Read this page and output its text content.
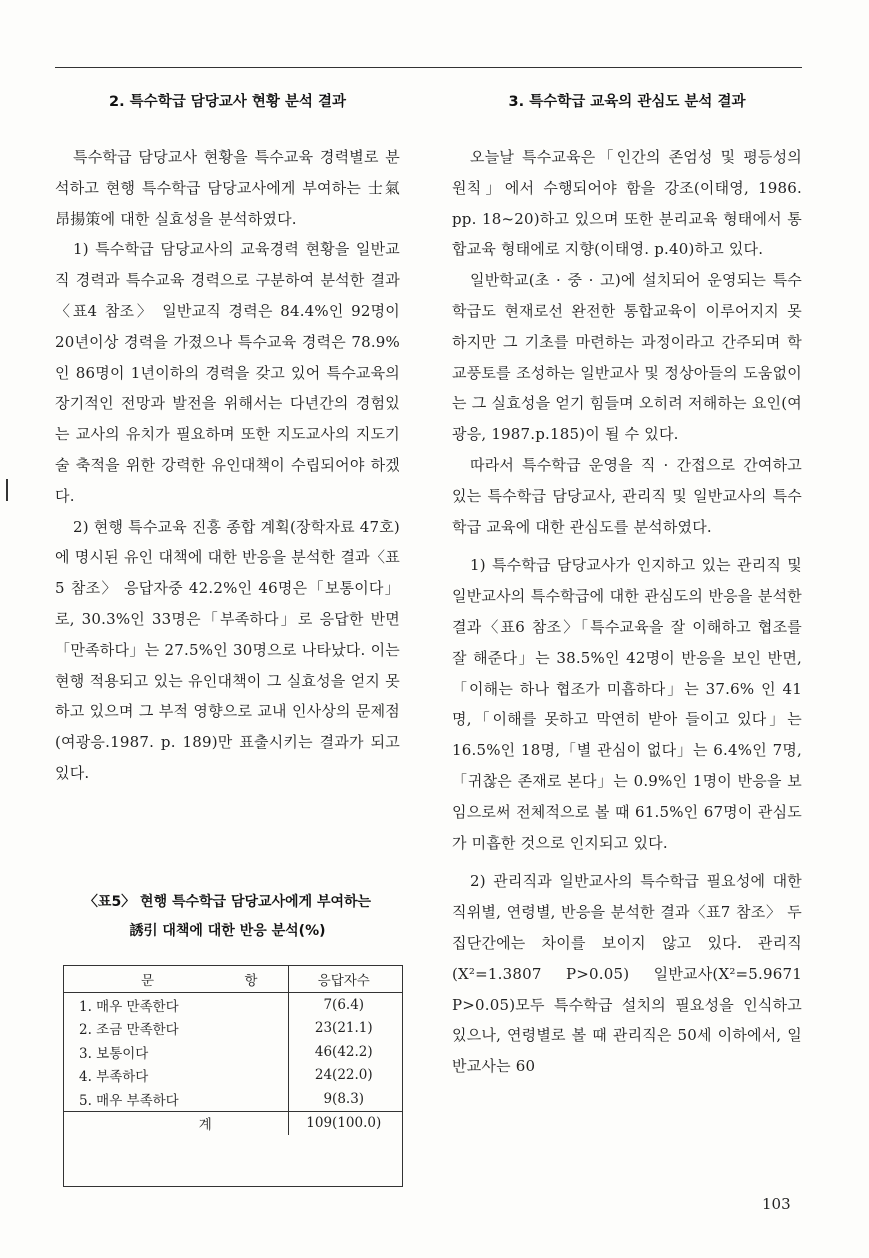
2. 특수학급 담당교사 현황 분석 결과

특수학급 담당교사 현황을 특수교육 경력별로 분석하고 현행 특수학급 담당교사에게 부여하는 士氣 昂揚策에 대한 실효성을 분석하였다.

1) 특수학급 담당교사의 교육경력 현황을 일반교직 경력과 특수교육 경력으로 구분하여 분석한 결과〈표4 참조〉 일반교직 경력은 84.4%인 92명이 20년이상 경력을 가졌으나 특수교육 경력은 78.9%인 86명이 1년이하의 경력을 갖고 있어 특수교육의 장기적인 전망과 발전을 위해서는 다년간의 경험있는 교사의 유치가 필요하며 또한 지도교사의 지도기술 축적을 위한 강력한 유인대책이 수립되어야 하겠다.

2) 현행 특수교육 진흥 종합 계획(장학자료 47호)에 명시된 유인 대책에 대한 반응을 분석한 결과〈표5 참조〉 응답자중 42.2%인 46명은「보통이다」로, 30.3%인 33명은「부족하다」로 응답한 반면「만족하다」는 27.5%인 30명으로 나타났다. 이는 현행 적용되고 있는 유인대책이 그 실효성을 얻지 못하고 있으며 그 부적 영향으로 교내 인사상의 문제점(여광응.1987. p. 189)만 표출시키는 결과가 되고 있다.

〈표5〉 현행 특수학급 담당교사에게 부여하는
誘引 대책에 대한 반응 분석(%)
문 항	응답자수
1. 매우 만족한다	7(6.4)
2. 조금 만족한다	23(21.1)
3. 보통이다	46(42.2)
4. 부족하다	24(22.0)
5. 매우 부족하다	9(8.3)
계	109(100.0)
3. 특수학급 교육의 관심도 분석 결과

오늘날 특수교육은「인간의 존엄성 및 평등성의 원칙」에서 수행되어야 함을 강조(이태영, 1986. pp. 18~20)하고 있으며 또한 분리교육 형태에서 통합교육 형태에로 지향(이태영. p.40)하고 있다.

일반학교(초 · 중 · 고)에 설치되어 운영되는 특수학급도 현재로선 완전한 통합교육이 이루어지지 못 하지만 그 기초를 마련하는 과정이라고 간주되며 학교풍토를 조성하는 일반교사 및 정상아들의 도움없이는 그 실효성을 얻기 힘들며 오히려 저해하는 요인(여광응, 1987.p.185)이 될 수 있다.

따라서 특수학급 운영을 직 · 간접으로 간여하고 있는 특수학급 담당교사, 관리직 및 일반교사의 특수학급 교육에 대한 관심도를 분석하였다.

1) 특수학급 담당교사가 인지하고 있는 관리직 및 일반교사의 특수학급에 대한 관심도의 반응을 분석한 결과〈표6 참조〉「특수교육을 잘 이해하고 협조를 잘 해준다」는 38.5%인 42명이 반응을 보인 반면,「이해는 하나 협조가 미흡하다」는 37.6% 인 41명,「이해를 못하고 막연히 받아 들이고 있다」는 16.5%인 18명,「별 관심이 없다」는 6.4%인 7명,「귀찮은 존재로 본다」는 0.9%인 1명이 반응을 보임으로써 전체적으로 볼 때 61.5%인 67명이 관심도가 미흡한 것으로 인지되고 있다.

2) 관리직과 일반교사의 특수학급 필요성에 대한 직위별, 연령별, 반응을 분석한 결과〈표7 참조〉 두 집단간에는 차이를 보이지 않고 있다. 관리직(X²=1.3807 P>0.05) 일반교사(X²=5.9671 P>0.05)모두 특수학급 설치의 필요성을 인식하고 있으나, 연령별로 볼 때 관리직은 50세 이하에서, 일반교사는 60

103
